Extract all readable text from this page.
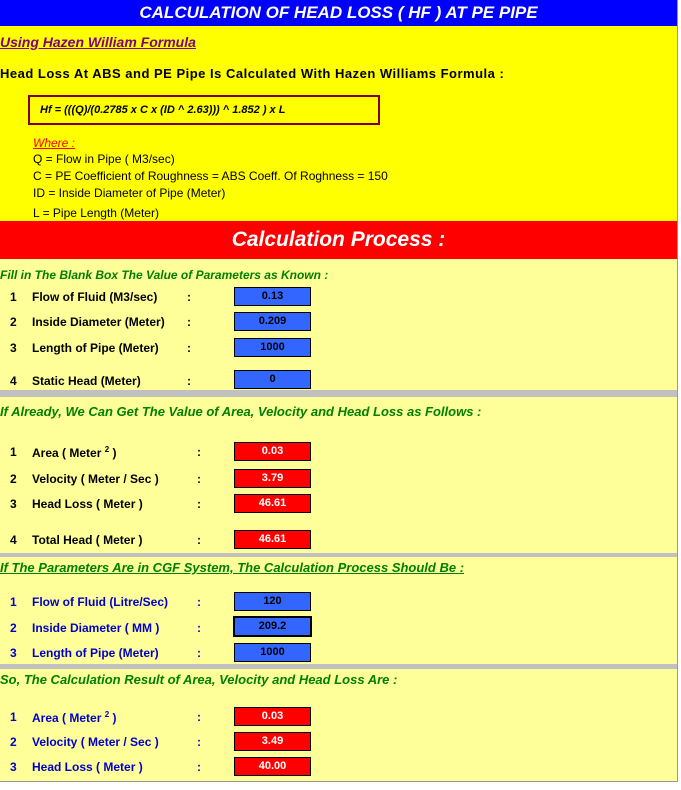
CALCULATION OF HEAD LOSS ( HF ) AT PE PIPE
Using Hazen William Formula
Head Loss At ABS and PE Pipe Is Calculated With Hazen Williams Formula :
Hf = (((Q)/(0.2785 x C x (ID ^ 2.63))) ^ 1.852 ) x L
Where :
Q = Flow in Pipe ( M3/sec)
C = PE Coefficient of Roughness = ABS Coeff. Of Roghness = 150
ID = Inside Diameter of Pipe (Meter)
L = Pipe Length (Meter)
Calculation Process :
Fill in The Blank Box The Value of Parameters as Known :
1 Flow of Fluid (M3/sec) :	0.13
2 Inside Diameter (Meter) :	0.209
3 Length of Pipe (Meter) :	1000
4 Static Head (Meter)	:	0
If Already, We Can Get The Value of Area, Velocity and Head Loss as Follows :
1 Area ( Meter $^2$ )	:	0.03
2 Velocity ( Meter / Sec )	:	3.79
3 Head Loss ( Meter )	:	46.61
4 Total Head ( Meter )	:	46.61
If The Parameters Are in CGF System, The Calculation Process Should Be :
1 Flow of Fluid (Litre/Sec) :	120
2 Inside Diameter ( MM )	:	209.2
3 Length of Pipe (Meter)	:	1000
So, The Calculation Result of Area, Velocity and Head Loss Are :
1 Area ( Meter $^2$ )	:	0.03
2 Velocity ( Meter / Sec )	:	3.49
3 Head Loss ( Meter )	:	40.00
